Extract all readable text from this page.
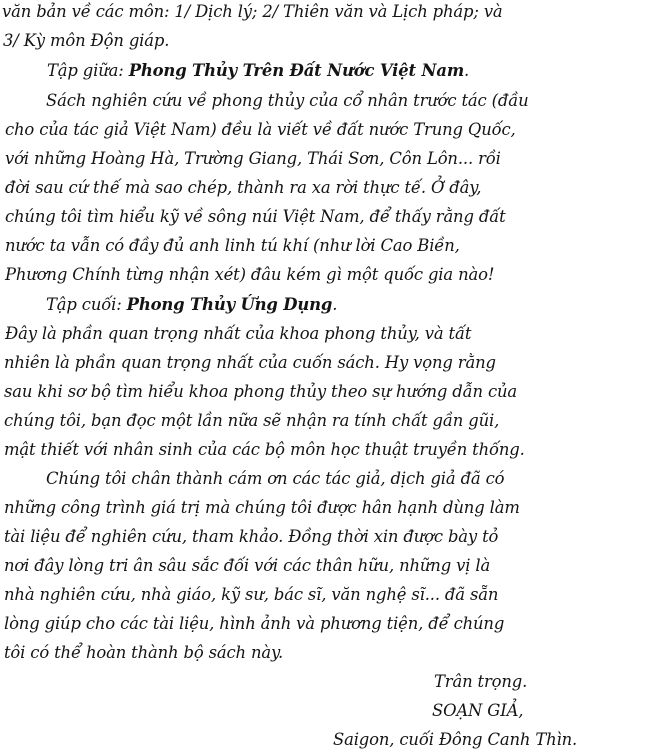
văn bản về các môn: 1/ Dịch lý; 2/ Thiên văn và Lịch pháp; và
3/ Kỳ môn Độn giáp.
Tập giữa: Phong Thủy Trên Đất Nước Việt Nam.
Sách nghiên cứu về phong thủy của cổ nhân trước tác (đầu
cho của tác giả Việt Nam) đều là viết về đất nước Trung Quốc,
với những Hoàng Hà, Trường Giang, Thái Sơn, Côn Lôn... rồi
đời sau cứ thế mà sao chép, thành ra xa rời thực tế. Ở đây,
chúng tôi tìm hiểu kỹ về sông núi Việt Nam, để thấy rằng đất
nước ta vẫn có đầy đủ anh linh tú khí (như lời Cao Biền,
Phương Chính từng nhận xét) đâu kém gì một quốc gia nào!
Tập cuối: Phong Thủy Ứng Dụng.
Đây là phần quan trọng nhất của khoa phong thủy, và tất
nhiên là phần quan trọng nhất của cuốn sách. Hy vọng rằng
sau khi sơ bộ tìm hiểu khoa phong thủy theo sự hướng dẫn của
chúng tôi, bạn đọc một lần nữa sẽ nhận ra tính chất gần gũi,
mật thiết với nhân sinh của các bộ môn học thuật truyền thống.
Chúng tôi chân thành cám ơn các tác giả, dịch giả đã có
những công trình giá trị mà chúng tôi được hân hạnh dùng làm
tài liệu để nghiên cứu, tham khảo. Đồng thời xin được bày tỏ
nơi đây lòng tri ân sâu sắc đối với các thân hữu, những vị là
nhà nghiên cứu, nhà giáo, kỹ sư, bác sĩ, văn nghệ sĩ... đã sẵn
lòng giúp cho các tài liệu, hình ảnh và phương tiện, để chúng
tôi có thể hoàn thành bộ sách này.
Trân trọng.
SOẠN GIẢ,
Saigon, cuối Đông Canh Thìn.
